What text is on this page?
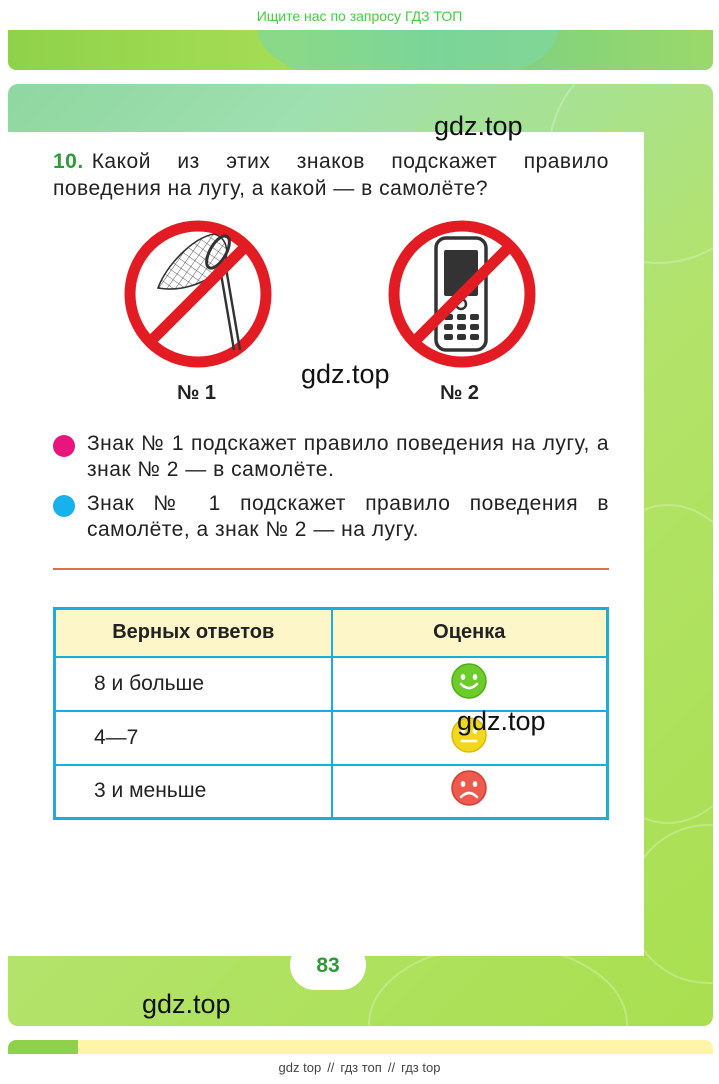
Ищите нас по запросу ГДЗ ТОП
gdz.top
10. Какой из этих знаков подскажет правило поведения на лугу, а какой — в самолёте?
№ 1	№ 2
gdz.top
Знак № 1 подскажет правило поведения на лугу, а знак № 2 — в самолёте.
Знак № 1 подскажет правило поведения в самолёте, а знак № 2 — на лугу.
Верных ответов	Оценка
8 и больше	
4—7	
3 и меньше	
gdz.top
83
gdz.top
gdz top // гдз топ // гдз top
